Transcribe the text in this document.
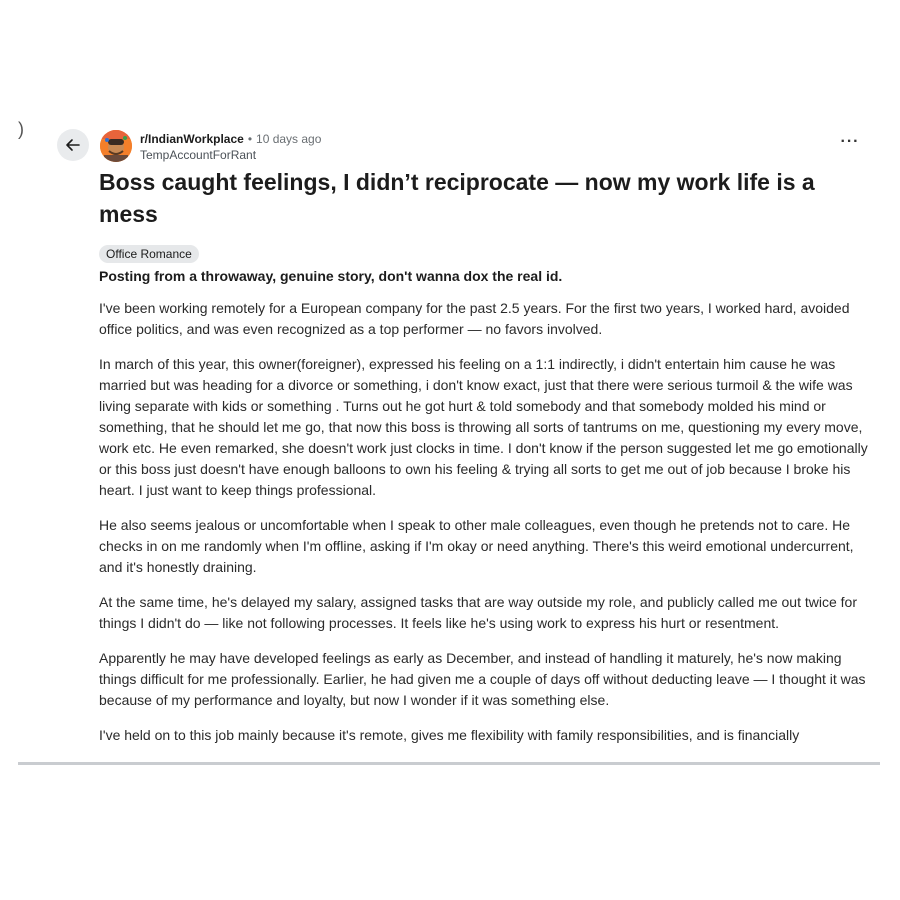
)	r/IndianWorkplace • 10 days ago
TempAccountForRant
···
Boss caught feelings, I didn’t reciprocate — now my work life is a mess
Office Romance

Posting from a throwaway, genuine story, don't wanna dox the real id.

I've been working remotely for a European company for the past 2.5 years. For the first two years, I worked hard, avoided office politics, and was even recognized as a top performer — no favors involved.

In march of this year, this owner(foreigner), expressed his feeling on a 1:1 indirectly, i didn't entertain him cause he was married but was heading for a divorce or something, i don't know exact, just that there were serious turmoil & the wife was living separate with kids or something . Turns out he got hurt & told somebody and that somebody molded his mind or something, that he should let me go, that now this boss is throwing all sorts of tantrums on me, questioning my every move, work etc. He even remarked, she doesn't work just clocks in time. I don't know if the person suggested let me go emotionally or this boss just doesn't have enough balloons to own his feeling & trying all sorts to get me out of job because I broke his heart. I just want to keep things professional.

He also seems jealous or uncomfortable when I speak to other male colleagues, even though he pretends not to care. He checks in on me randomly when I'm offline, asking if I'm okay or need anything. There's this weird emotional undercurrent, and it's honestly draining.

At the same time, he's delayed my salary, assigned tasks that are way outside my role, and publicly called me out twice for things I didn't do — like not following processes. It feels like he's using work to express his hurt or resentment.

Apparently he may have developed feelings as early as December, and instead of handling it maturely, he's now making things difficult for me professionally. Earlier, he had given me a couple of days off without deducting leave — I thought it was because of my performance and loyalty, but now I wonder if it was something else.

I've held on to this job mainly because it's remote, gives me flexibility with family responsibilities, and is financially
